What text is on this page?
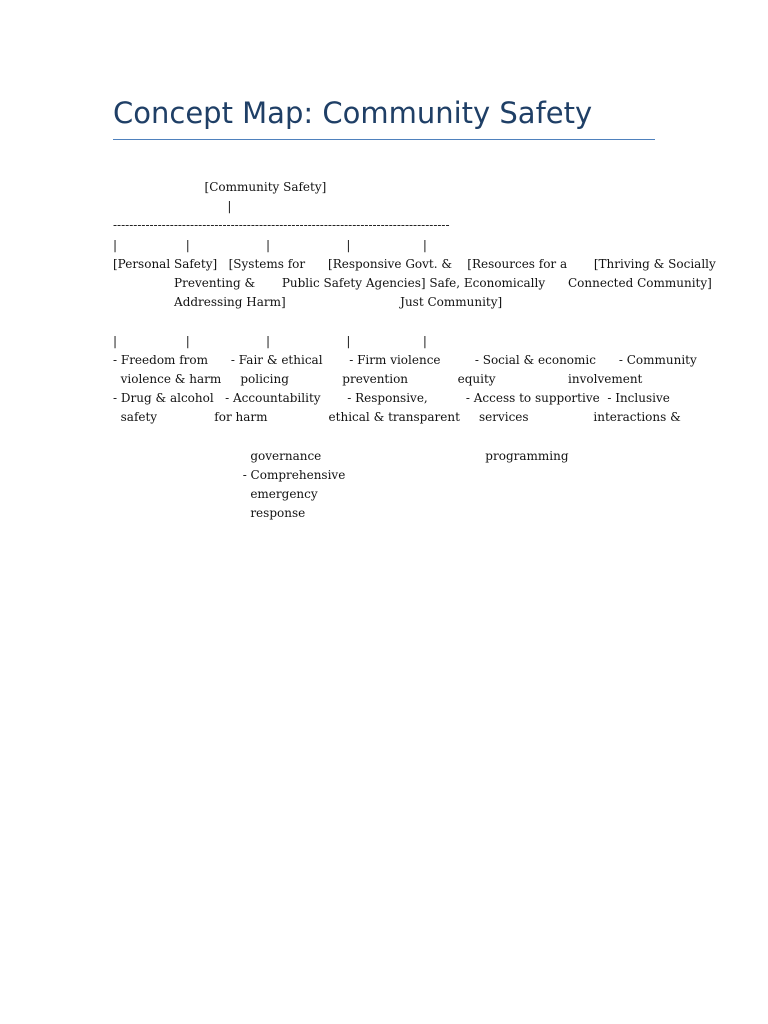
Concept Map: Community Safety
[Community Safety]
|
-----------------------------------------------------------------------------------
|                  |                    |                    |                   |
[Personal Safety]   [Systems for      [Responsive Govt. &    [Resources for a       [Thriving & Socially
Preventing &       Public Safety Agencies] Safe, Economically      Connected Community]
Addressing Harm]                              Just Community]
|                  |                    |                    |                   |
- Freedom from      - Fair & ethical       - Firm violence         - Social & economic      - Community
violence & harm     policing              prevention             equity                   involvement
- Drug & alcohol   - Accountability       - Responsive,          - Access to supportive  - Inclusive
safety               for harm                ethical & transparent     services                 interactions &
governance                                           programming
- Comprehensive
emergency
response
